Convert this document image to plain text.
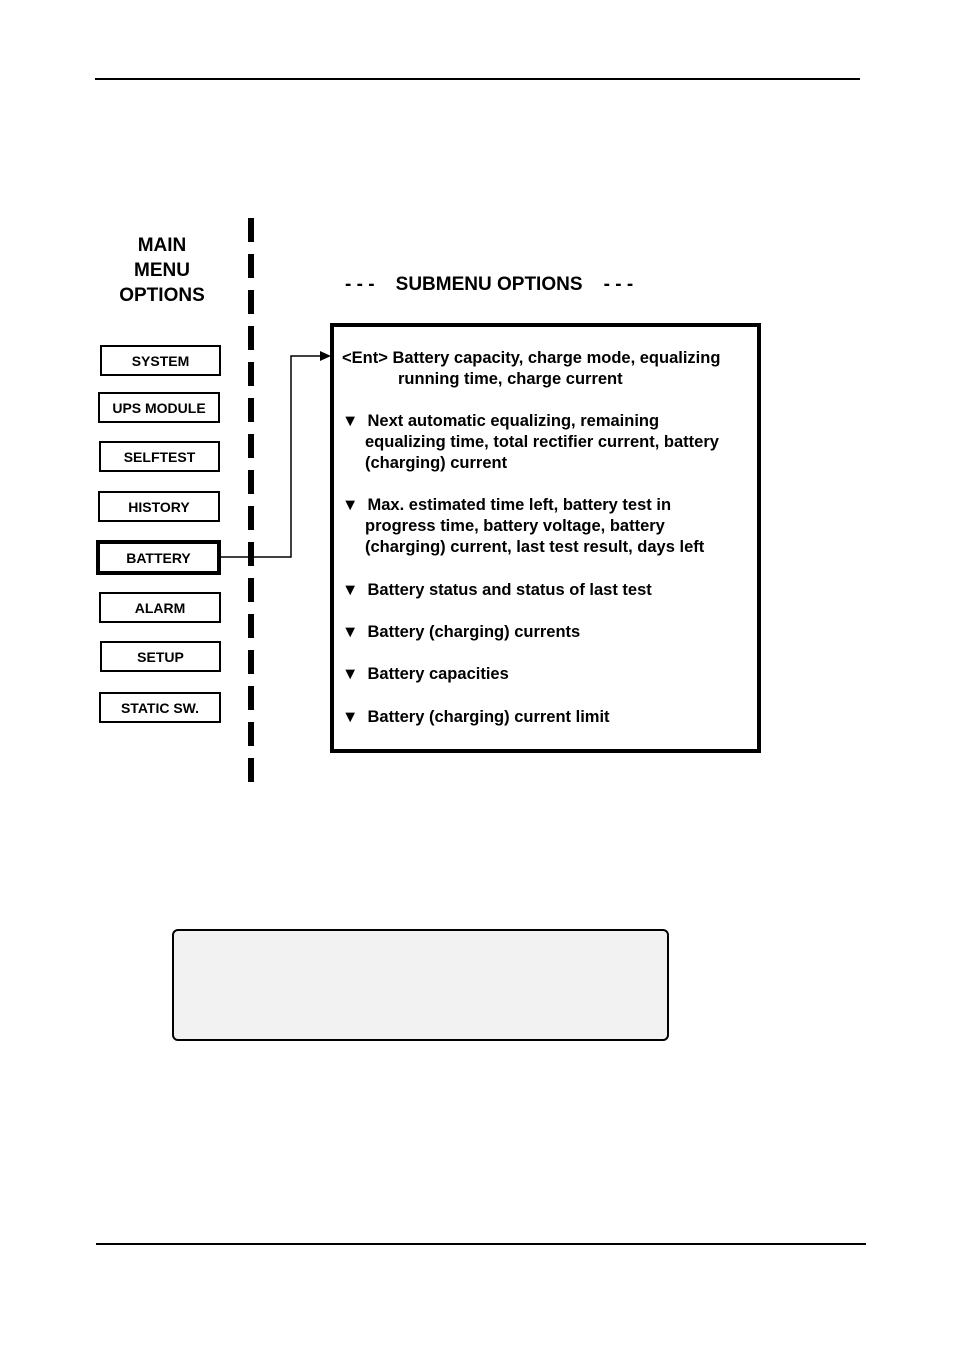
MAIN
MENU
OPTIONS
SYSTEM
UPS MODULE
SELFTEST
HISTORY
BATTERY
ALARM
SETUP
STATIC SW.
- - -    SUBMENU OPTIONS    - - -
<Ent> Battery capacity, charge mode, equalizing
running time, charge current
▼ Next automatic equalizing, remaining
equalizing time, total rectifier current, battery
(charging) current
▼ Max. estimated time left, battery test in
progress time, battery voltage, battery
(charging) current, last test result, days left
▼ Battery status and status of last test
▼ Battery (charging) currents
▼ Battery capacities
▼ Battery (charging) current limit
